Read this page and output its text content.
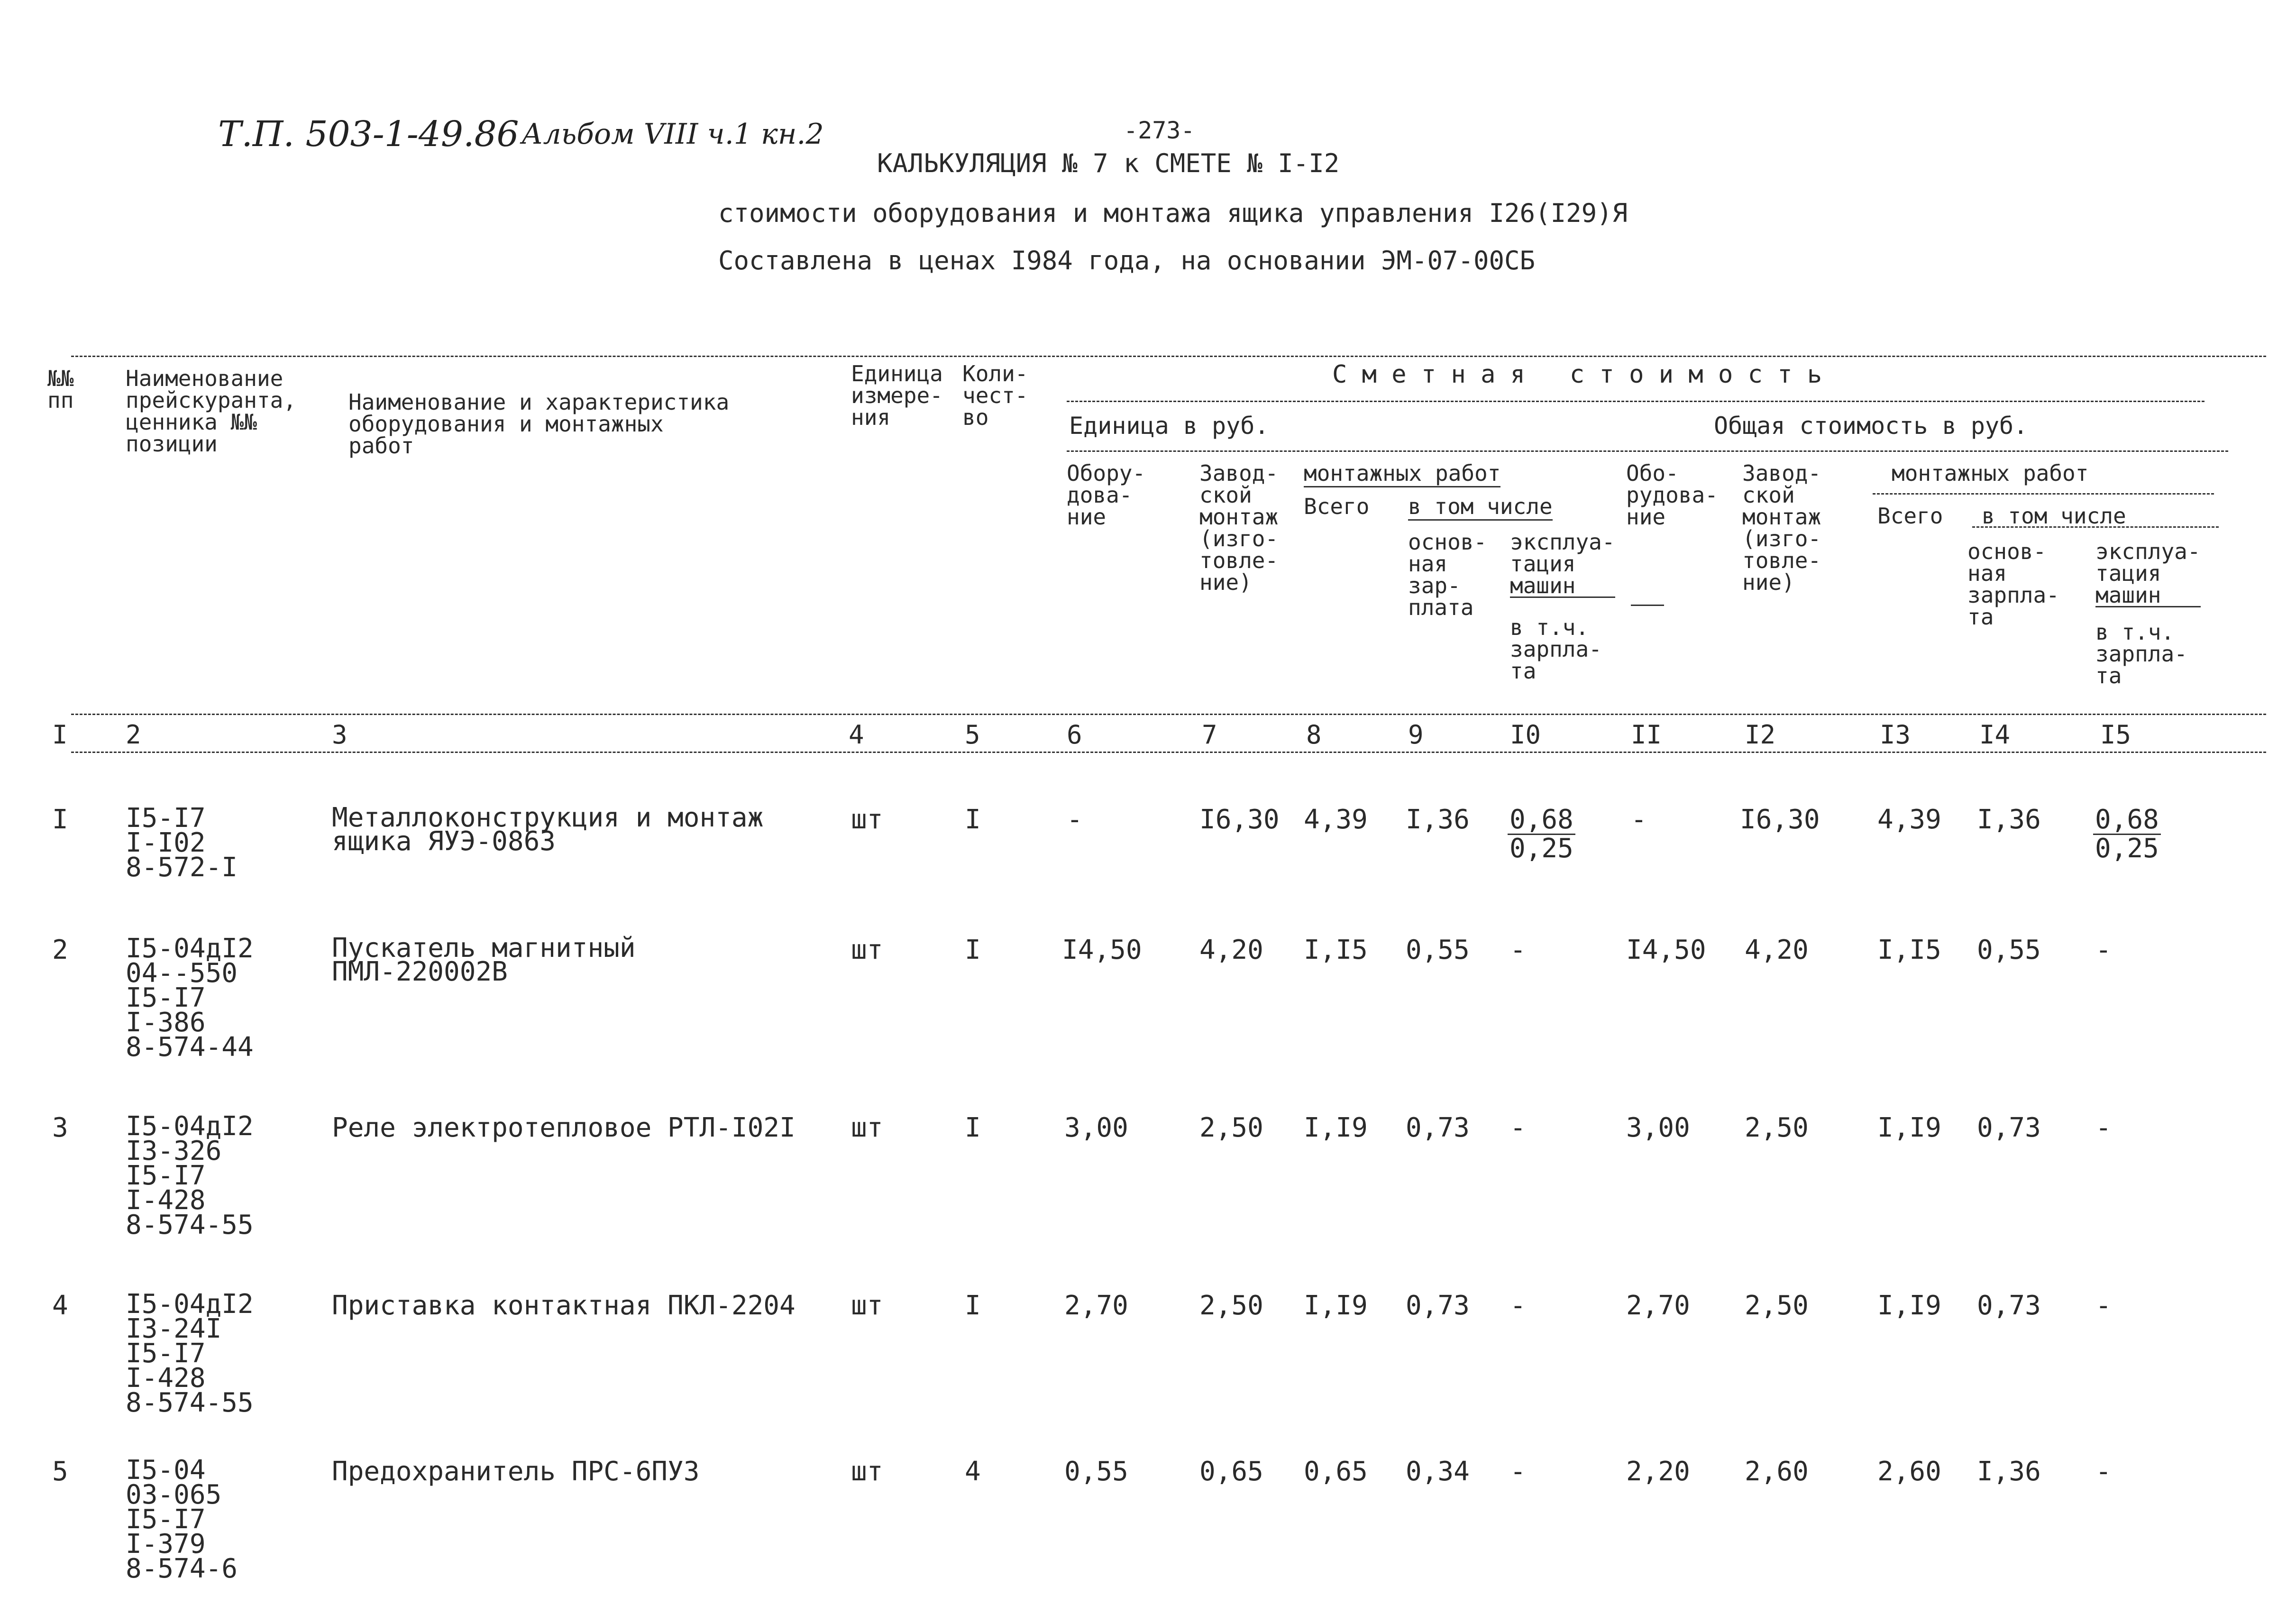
Т.П. 503-1-49.86 Альбом VIII ч.1 кн.2	-273-
КАЛЬКУЛЯЦИЯ № 7 к СМЕТЕ № I-I2
стоимости оборудования и монтажа ящика управления I26(I29)Я
Составлена в ценах I984 года, на основании ЭМ-07-00СБ
№№
пп
Наименование
прейскуранта,
ценника №№
позиции
Наименование и характеристика
оборудования и монтажных
работ
Единица
измере-
ния
Коли-
чест-
во
С м е т н а я   с т о и м о с т ь
Единица в руб.	Общая стоимость в руб.
Обору-
дова-
ние
Завод-
ской
монтаж
(изго-
товле-
ние)
монтажных работ
Всего в том числе
основ-
ная
зар-
плата
эксплуа-
тация
машин
в т.ч.
зарпла-
та
Обо-
рудова-
ние
Завод-
ской
монтаж
(изго-
товле-
ние)
монтажных работ
Всего в том числе
основ-
ная
зарпла-
та
эксплуа-
тация
машин
в т.ч.
зарпла-
та
I 2	3	4	5	6	7	8	9	I0	II	I2	I3	I4	I5
I I5-I7
I-I02
8-572-I
Металлоконструкция и монтаж
ящика ЯУЭ-0863
шт	I	-	I6,30 4,39 $I,36 \frac{0,68}{0,25}$ -	I6,30 4,39 $I,36 \frac{0,68}{0,25}$
2 I5-04дI2
04--550
I5-I7
I-386
8-574-44
Пускатель магнитный
ПМЛ-220002В
шт	I	I4,50 4,20 I,I5 0,55 -	I4,50 4,20	I,I5 0,55 -
3 I5-04дI2
I3-326
I5-I7
I-428
8-574-55
Реле электротепловое РТЛ-I02I шт	I	3,00	2,50 I,I9 0,73 -	3,00 2,50	I,I9 0,73 -
4 I5-04дI2
I3-24I
I5-I7
I-428
8-574-55
Приставка контактная ПКЛ-2204 шт	I	2,70	2,50 I,I9 0,73 -	2,70 2,50	I,I9 0,73 -
5 I5-04
03-065
I5-I7
I-379
8-574-6
Предохранитель ПРС-6ПУЗ	шт	4	0,55	0,65 0,65 0,34 -	2,20 2,60	2,60 I,36 -
